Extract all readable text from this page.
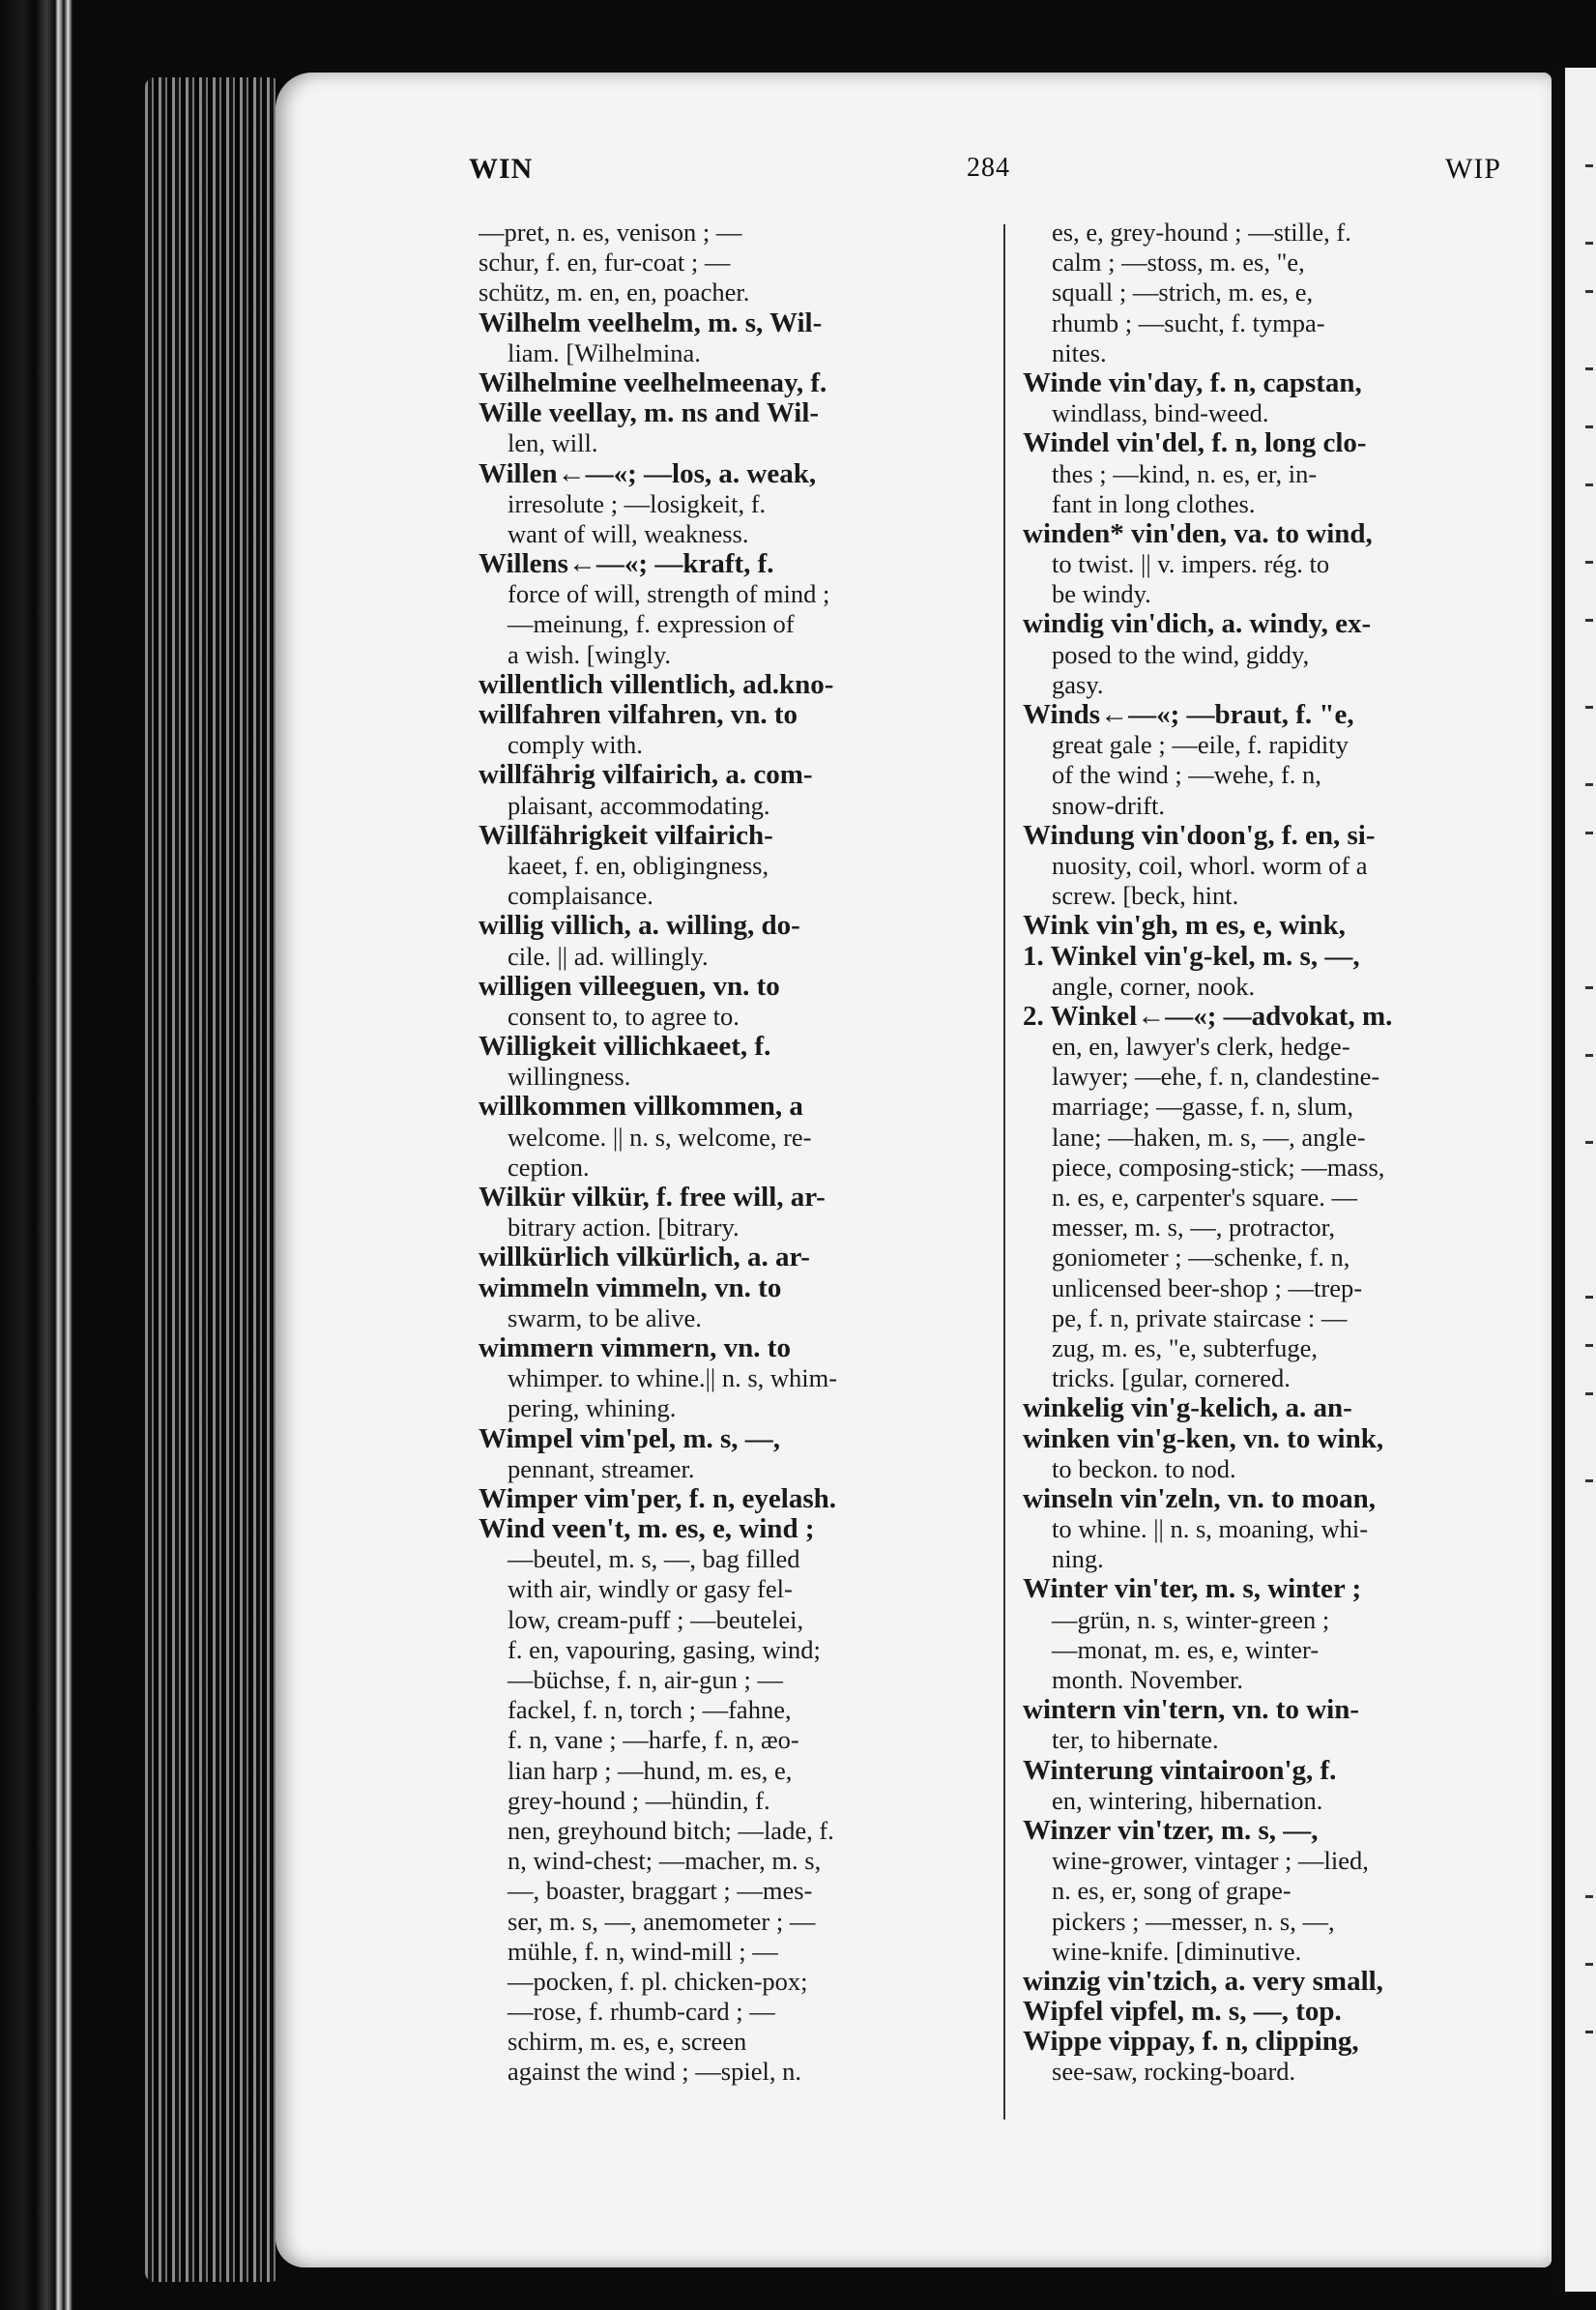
WIN	284	WIP
—pret, n. es, venison ; —
schur, f. en, fur-coat ; —
schütz, m. en, en, poacher.
Wilhelm veelhelm, m. s, Wil-
liam. [Wilhelmina.
Wilhelmine veelhelmeenay, f.
Wille veellay, m. ns and Wil-
len, will.
Willen←—«; —los, a. weak,
irresolute ; —losigkeit, f.
want of will, weakness.
Willens←—«; —kraft, f.
force of will, strength of mind ;
—meinung, f. expression of
a wish. [wingly.
willentlich villentlich, ad.kno-
willfahren vilfahren, vn. to
comply with.
willfährig vilfairich, a. com-
plaisant, accommodating.
Willfährigkeit vilfairich-
kaeet, f. en, obligingness,
complaisance.
willig villich, a. willing, do-
cile. || ad. willingly.
willigen villeeguen, vn. to
consent to, to agree to.
Willigkeit villichkaeet, f.
willingness.
willkommen villkommen, a
welcome. || n. s, welcome, re-
ception.
Wilkür vilkür, f. free will, ar-
bitrary action. [bitrary.
willkürlich vilkürlich, a. ar-
wimmeln vimmeln, vn. to
swarm, to be alive.
wimmern vimmern, vn. to
whimper. to whine.|| n. s, whim-
pering, whining.
Wimpel vim'pel, m. s, —,
pennant, streamer.
Wimper vim'per, f. n, eyelash.
Wind veen't, m. es, e, wind ;
—beutel, m. s, —, bag filled
with air, windly or gasy fel-
low, cream-puff ; —beutelei,
f. en, vapouring, gasing, wind;
—büchse, f. n, air-gun ; —
fackel, f. n, torch ; —fahne,
f. n, vane ; —harfe, f. n, æo-
lian harp ; —hund, m. es, e,
grey-hound ; —hündin, f.
nen, greyhound bitch; —lade, f.
n, wind-chest; —macher, m. s,
—, boaster, braggart ; —mes-
ser, m. s, —, anemometer ; —
mühle, f. n, wind-mill ; —
—pocken, f. pl. chicken-pox;
—rose, f. rhumb-card ; —
schirm, m. es, e, screen
against the wind ; —spiel, n.
es, e, grey-hound ; —stille, f.
calm ; —stoss, m. es, "e,
squall ; —strich, m. es, e,
rhumb ; —sucht, f. tympa-
nites.
Winde vin'day, f. n, capstan,
windlass, bind-weed.
Windel vin'del, f. n, long clo-
thes ; —kind, n. es, er, in-
fant in long clothes.
winden* vin'den, va. to wind,
to twist. || v. impers. rég. to
be windy.
windig vin'dich, a. windy, ex-
posed to the wind, giddy,
gasy.
Winds←—«; —braut, f. "e,
great gale ; —eile, f. rapidity
of the wind ; —wehe, f. n,
snow-drift.
Windung vin'doon'g, f. en, si-
nuosity, coil, whorl. worm of a
screw. [beck, hint.
Wink vin'gh, m es, e, wink,
1. Winkel vin'g-kel, m. s, —,
angle, corner, nook.
2. Winkel←—«; —advokat, m.
en, en, lawyer's clerk, hedge-
lawyer; —ehe, f. n, clandestine-
marriage; —gasse, f. n, slum,
lane; —haken, m. s, —, angle-
piece, composing-stick; —mass,
n. es, e, carpenter's square. —
messer, m. s, —, protractor,
goniometer ; —schenke, f. n,
unlicensed beer-shop ; —trep-
pe, f. n, private staircase : —
zug, m. es, "e, subterfuge,
tricks. [gular, cornered.
winkelig vin'g-kelich, a. an-
winken vin'g-ken, vn. to wink,
to beckon. to nod.
winseln vin'zeln, vn. to moan,
to whine. || n. s, moaning, whi-
ning.
Winter vin'ter, m. s, winter ;
—grün, n. s, winter-green ;
—monat, m. es, e, winter-
month. November.
wintern vin'tern, vn. to win-
ter, to hibernate.
Winterung vintairoon'g, f.
en, wintering, hibernation.
Winzer vin'tzer, m. s, —,
wine-grower, vintager ; —lied,
n. es, er, song of grape-
pickers ; —messer, n. s, —,
wine-knife. [diminutive.
winzig vin'tzich, a. very small,
Wipfel vipfel, m. s, —, top.
Wippe vippay, f. n, clipping,
see-saw, rocking-board.
